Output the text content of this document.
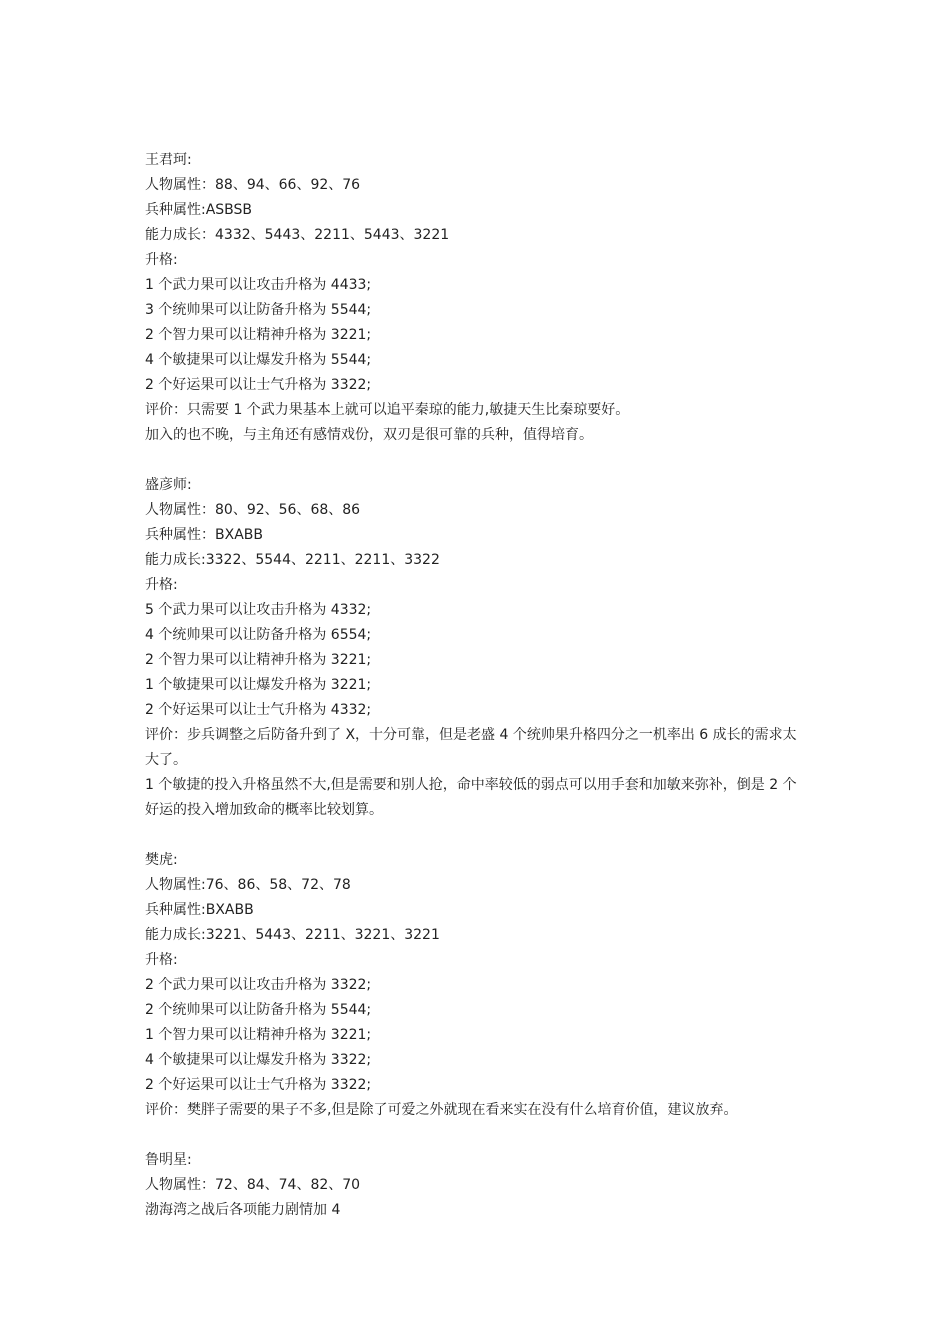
王君珂:

人物属性：88、94、66、92、76

兵种属性:ASBSB

能力成长：4332、5443、2211、5443、3221

升格:

1 个武力果可以让攻击升格为 4433;

3 个统帅果可以让防备升格为 5544;

2 个智力果可以让精神升格为 3221;

4 个敏捷果可以让爆发升格为 5544;

2 个好运果可以让士气升格为 3322;

评价：只需要 1 个武力果基本上就可以追平秦琼的能力,敏捷天生比秦琼要好。

加入的也不晚，与主角还有感情戏份，双刃是很可靠的兵种，值得培育。

盛彦师:

人物属性：80、92、56、68、86

兵种属性：BXABB

能力成长:3322、5544、2211、2211、3322

升格:

5 个武力果可以让攻击升格为 4332;

4 个统帅果可以让防备升格为 6554;

2 个智力果可以让精神升格为 3221;

1 个敏捷果可以让爆发升格为 3221;

2 个好运果可以让士气升格为 4332;

评价：步兵调整之后防备升到了 X，十分可靠，但是老盛 4 个统帅果升格四分之一机率出 6 成长的需求太大了。

1 个敏捷的投入升格虽然不大,但是需要和别人抢，命中率较低的弱点可以用手套和加敏来弥补，倒是 2 个好运的投入增加致命的概率比较划算。

樊虎:

人物属性:76、86、58、72、78

兵种属性:BXABB

能力成长:3221、5443、2211、3221、3221

升格:

2 个武力果可以让攻击升格为 3322;

2 个统帅果可以让防备升格为 5544;

1 个智力果可以让精神升格为 3221;

4 个敏捷果可以让爆发升格为 3322;

2 个好运果可以让士气升格为 3322;

评价：樊胖子需要的果子不多,但是除了可爱之外就现在看来实在没有什么培育价值，建议放弃。

鲁明星:

人物属性：72、84、74、82、70

渤海湾之战后各项能力剧情加 4
